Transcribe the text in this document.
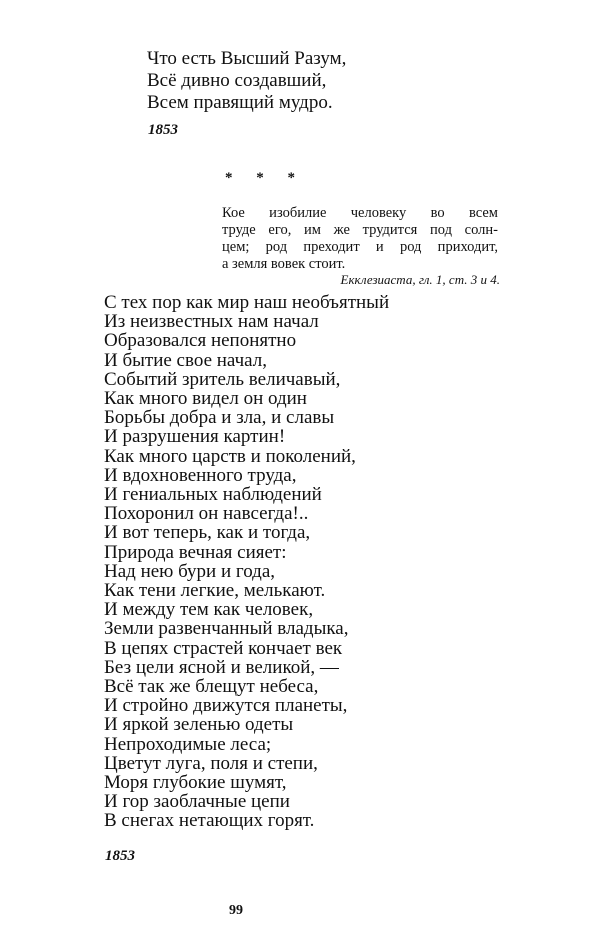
Что есть Высший Разум,
Всё дивно создавший,
Всем правящий мудро.
1853
* * *
Кое изобилие человеку во всем
труде его, им же трудится под солн-
цем; род преходит и род приходит,
а земля вовек стоит.
Екклезиаста, гл. 1, ст. 3 и 4.
С тех пор как мир наш необъятный
Из неизвестных нам начал
Образовался непонятно
И бытие свое начал,
Событий зритель величавый,
Как много видел он один
Борьбы добра и зла, и славы
И разрушения картин!
Как много царств и поколений,
И вдохновенного труда,
И гениальных наблюдений
Похоронил он навсегда!..
И вот теперь, как и тогда,
Природа вечная сияет:
Над нею бури и года,
Как тени легкие, мелькают.
И между тем как человек,
Земли развенчанный владыка,
В цепях страстей кончает век
Без цели ясной и великой, —
Всё так же блещут небеса,
И стройно движутся планеты,
И яркой зеленью одеты
Непроходимые леса;
Цветут луга, поля и степи,
Моря глубокие шумят,
И гор заоблачные цепи
В снегах нетающих горят.
1853
99
